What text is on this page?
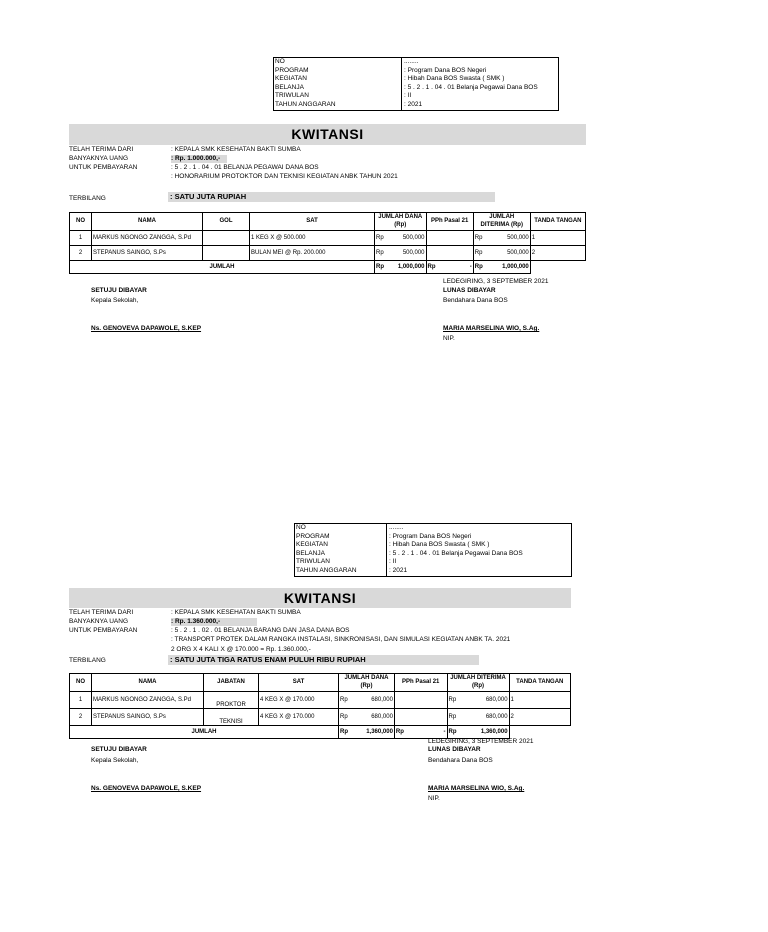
NO	........
PROGRAM	: Program Dana BOS Negeri
KEGIATAN	: Hibah Dana BOS Swasta ( SMK )
BELANJA	: 5 . 2 . 1 . 04 . 01 Belanja Pegawai Dana BOS
TRIWULAN	: II
TAHUN ANGGARAN	: 2021
KWITANSI
TELAH TERIMA DARI	: KEPALA SMK KESEHATAN BAKTI SUMBA
BANYAKNYA UANG	: Rp. 1.000.000,-
UNTUK PEMBAYARAN	: 5 . 2 . 1 . 04 . 01 BELANJA PEGAWAI DANA BOS
: HONORARIUM PROTOKTOR DAN TEKNISI KEGIATAN ANBK TAHUN 2021
TERBILANG	: SATU JUTA RUPIAH
NO	NAMA	GOL	SAT	JUMLAH DANA (Rp)		PPh Pasal 21		JUMLAH DITERIMA (Rp)		TANDA TANGAN
1	MARKUS NGONGO ZANGGA, S.Pd		1 KEG X @ 500.000	Rp	500,000			Rp	500,000	1
2	STEPANUS SAINGO, S.Ps		BULAN MEI @ Rp. 200.000	Rp	500,000			Rp	500,000	2
JUMLAH				Rp	1,000,000	Rp	-	Rp	1,000,000	
LEDEGIRING, 3 SEPTEMBER 2021
SETUJU DIBAYAR
Kepala Sekolah,
Ns. GENOVEVA DAPAWOLE, S.KEP
LUNAS DIBAYAR
Bendahara Dana BOS
MARIA MARSELINA WIO, S.Ag.
NIP.
NO	........
PROGRAM	: Program Dana BOS Negeri
KEGIATAN	: Hibah Dana BOS Swasta ( SMK )
BELANJA	: 5 . 2 . 1 . 04 . 01 Belanja Pegawai Dana BOS
TRIWULAN	: II
TAHUN ANGGARAN	: 2021
KWITANSI
TELAH TERIMA DARI	: KEPALA SMK KESEHATAN BAKTI SUMBA
BANYAKNYA UANG	: Rp. 1.360.000,-
UNTUK PEMBAYARAN	: 5 . 2 . 1 . 02 . 01 BELANJA BARANG DAN JASA DANA BOS
: TRANSPORT PROTEK DALAM RANGKA INSTALASI, SINKRONISASI, DAN SIMULASI KEGIATAN ANBK TA. 2021
2 ORG X 4 KALI X @ 170.000 = Rp. 1.360.000,-
TERBILANG	: SATU JUTA TIGA RATUS ENAM PULUH RIBU RUPIAH
NO	NAMA	JABATAN	SAT	JUMLAH DANA (Rp)		PPh Pasal 21		JUMLAH DITERIMA (Rp)		TANDA TANGAN
1	MARKUS NGONGO ZANGGA, S.Pd	PROKTOR	4 KEG X @ 170.000	Rp	680,000			Rp	680,000	1
2	STEPANUS SAINGO, S.Ps	TEKNISI	4 KEG X @ 170.000	Rp	680,000			Rp	680,000	2
JUMLAH				Rp	1,360,000	Rp	-	Rp	1,360,000	
LEDEGIRING, 3 SEPTEMBER 2021
SETUJU DIBAYAR
Kepala Sekolah,
Ns. GENOVEVA DAPAWOLE, S.KEP
LUNAS DIBAYAR
Bendahara Dana BOS
MARIA MARSELINA WIO, S.Ag.
NIP.
